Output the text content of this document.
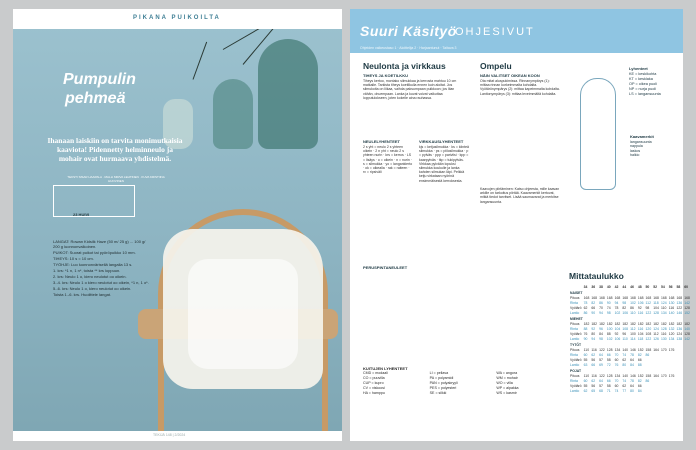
PIKANA PUIKOILTA
Pumpulin
pehmeä
Ihanaan laiskiin on tarvita monimutkaisia kaaviota! Pidennetty helminneulo ja mohair ovat hurmaava yhdistelmä.
TEKSTI SISAR HAAPALA · MALLI MIRVA LEHTINEN · KUVA KRISTIINA HUOVINEN
23 HUIVI

LANGAT: Rowan Kidsilk Haze (50 m/ 25 g) ... 100 g/ 200 g luonnonvalkoinen.

PUIKOT: Suorat puikot tai pyöröpuikko 10 mm.

TIHEYS: 10 s = 10 cm.

TYÖHJE: Luo luonnonvärisellä langalla 13 s.

1. krs: *1 n, 1 n*, toista ** krs loppuun.

2. krs: Neulo 1 o, kiero neulotut oo oikein.

3.-4. krs: Neulo 1 o kiero neulotut oo oikein, *1 n, 1 o*.

5.-6. krs: Neulo 1 o, kiero neulotut oo oikein.

Toista 1.-6. krs. Huolittele langat.

TEKIJÄ 148 | 2/2024
Suuri Käsityö
OHJESIVUT
Ohjeiden vaikeustaso 1 · Aloittelija 2 · Harjaantunut · Taitava 3
Neulonta ja virkkaus
TIHEYS JA KOETILKKU
Tiheys kertoo, montako silmukkaa ja kerrosta mahtuu 10 cm matkalle. Tarkista tiheys koetilkulla ennen kuin aloitat. Jos silmukoita on liikaa, vaihda paksumpaan puikkoon; jos liian vähän, ohuempaan. Lanka ja kuvat voivat vaikuttaa lopputulokseen, joten kokeile aina rauhassa.
NEULELYHENTEET
2 s yht = neulo 2 s yhteen oikein · 2 n yht = neulo 2 s yhteen nurin · krs = kerros · LS = lisäys · o = oikein · n = nurin · s = silmukka · yo = langankierto · ok = oikealla · rak = raiteen · rv = ripsiväli
PERUSPINTANEULEET
VIRKKAUSLYHENTEET
kjs = ketjusilmukka · ks = kiinteä silmukka · ps = piilosilmukka · p = pylväs · ppp = pariviisi · kpp = kaarpylväs · tkp = tukipylväs. Virkkaa pylvään lopuksi silmukka koukulle ja lanka kahden silmukan läpi. Pelkkä ketju virkataan nyörinä ensimmäisestä kerroksesta.
KUITUJEN LYHENTEET
CMD = modaali	LI = pellava	WA = angora
CO = puuvilla	PA = polyamidi	WM = mohair
CUP = kupro	PAN = polyakryyli	WO = villa
CV = viskoosi	PES = polyesteri	WP = alpakka
HA = hamppu	SE = silkki	WS = kasmir
Ompelu
NÄIN VALITSET OIKEAN KOON
Ota mitat aluspukimissa. Rinnanympärys (1): mittaa rinnan korkeimmalta kohdalta. Vyötärönympärys (2): mittaa kapeimmalta kohdalta. Lantionympärys (3): mittaa leveimmältä kohdalta.
Kaavojen piirtäminen: Katso ohjeesta, mille kaavan arkille on tarkoitus piirtää. Kaavamerkit kertovat, mitkä tiedot tarvitset. Lisää saumavarat ja merkitse langansuunta.
Lyhenteet
KE = keskikohta
KT = kesklaka
OP = oikea puoli
NP = nurja puoli
LS = langansuunta
Kaavamerkit
langansuunta
nappula
laskos
halkio
Mittataulukko
	34	36	38	40	42	44	46	48	50	52	54	56	58	60
NAISET														
Pituus	168	168	168	168	168	168	168	168	168	168	168	168	168	168
Rinta	78	82	86	90	94	98	102	106	112	118	124	130	136	142
Vyötärö	62	66	70	74	78	82	86	92	98	104	110	116	122	128
Lantio	86	90	94	98	102	106	110	116	122	128	134	140	146	152
MIEHET														
Pituus	182	182	182	182	182	182	182	182	182	182	182	182	182	182
Rinta	88	92	96	100	104	108	112	116	120	124	128	132	136	140
Vyötärö	76	80	84	88	92	96	100	104	108	112	116	120	124	128
Lantio	90	94	98	102	106	110	114	118	122	126	130	134	138	142
TYTÖT														
Pituus	110	116	122	128	134	140	146	152	158	164	170	176		
Rinta	60	62	64	66	70	74	78	82	86					
Vyötärö	55	56	57	58	60	62	64	66						
Lantio	63	66	69	72	76	80	84	88						
POJAT														
Pituus	110	116	122	128	134	140	146	152	158	164	170	176		
Rinta	60	62	64	66	70	74	78	82	86					
Vyötärö	55	56	57	58	60	62	64	66						
Lantio	62	65	68	71	74	77	80	84						
